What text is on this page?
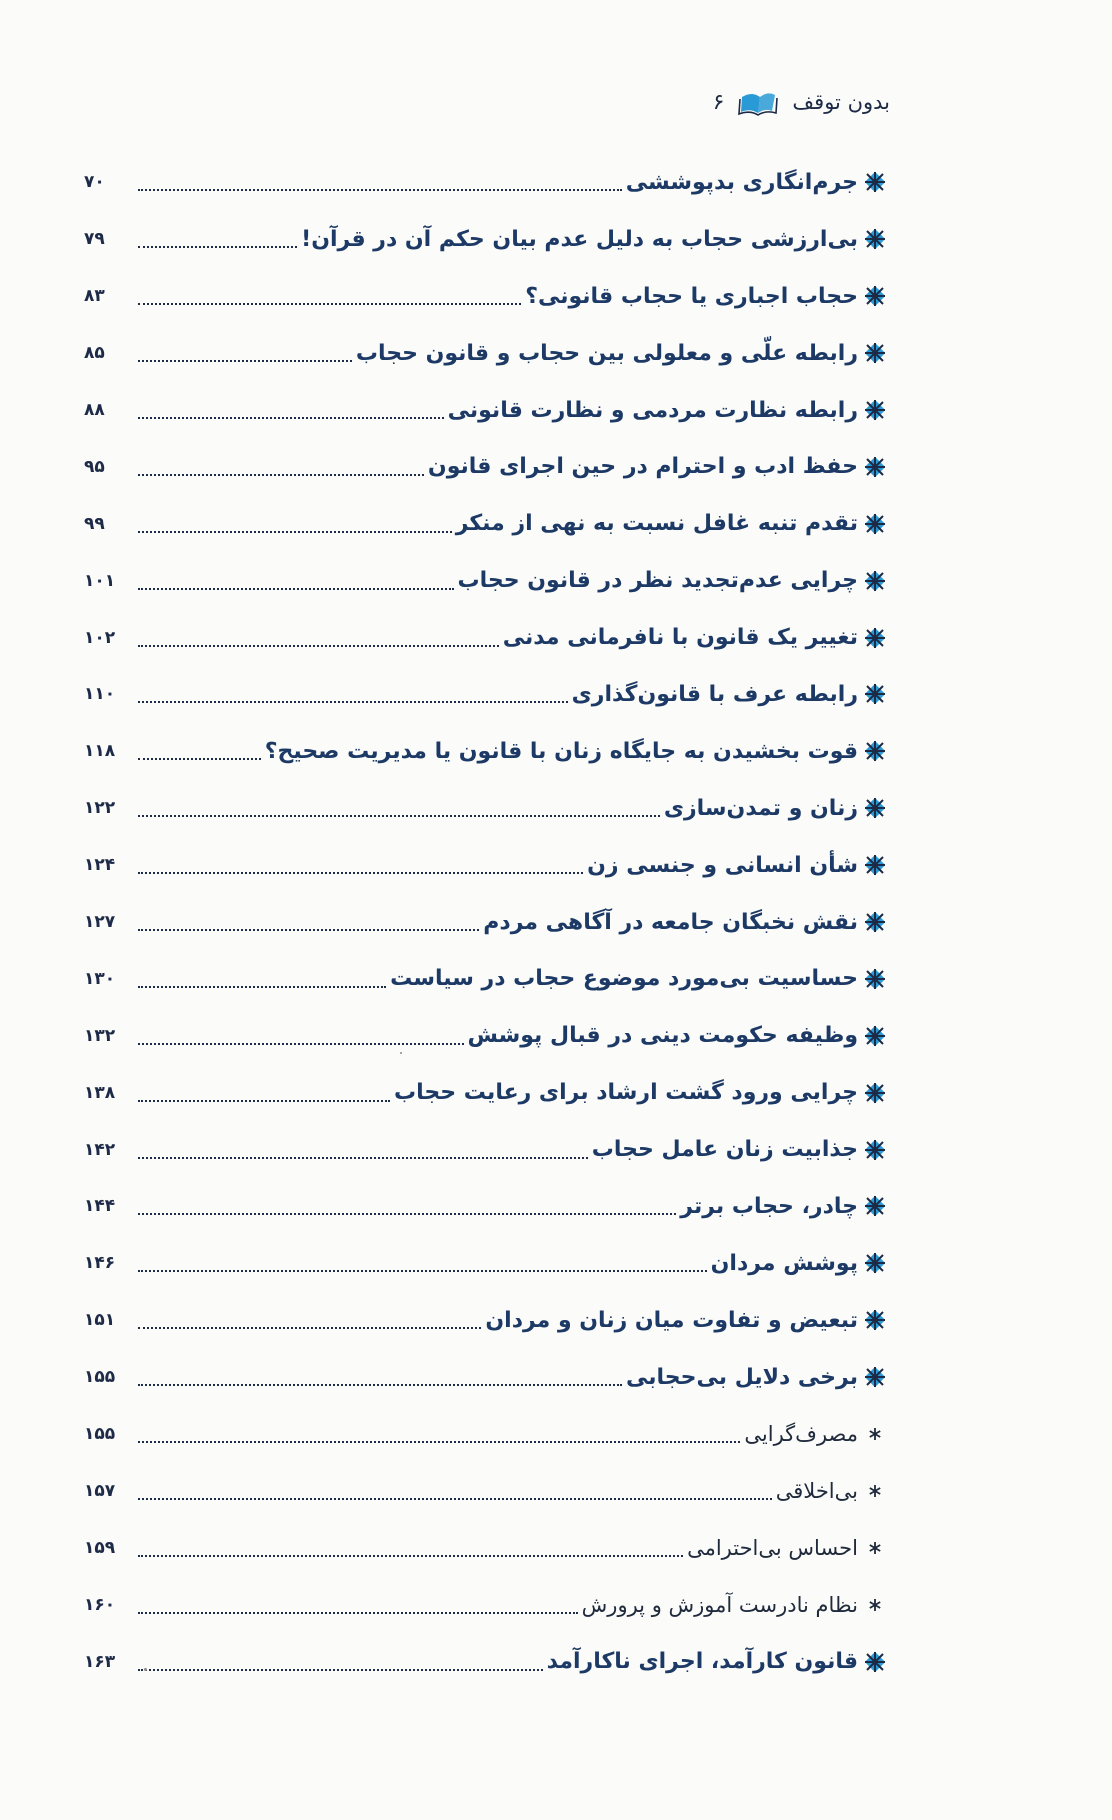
۶	بدون توقف
۷۰	جرم‌انگاری بدپوششی
۷۹	بی‌ارزشی حجاب به دلیل عدم بیان حکم آن در قرآن!
۸۳	حجاب اجباری یا حجاب قانونی؟
۸۵	رابطه علّی و معلولی بین حجاب و قانون حجاب
۸۸	رابطه نظارت مردمی و نظارت قانونی
۹۵	حفظ ادب و احترام در حین اجرای قانون
۹۹	تقدم تنبه غافل نسبت به نهی از منکر
۱۰۱	چرایی عدم‌تجدید نظر در قانون حجاب
۱۰۲	تغییر یک قانون با نافرمانی مدنی
۱۱۰	رابطه عرف با قانون‌گذاری
۱۱۸	قوت بخشیدن به جایگاه زنان با قانون یا مدیریت صحیح؟
۱۲۲	زنان و تمدن‌سازی
۱۲۴	شأن انسانی و جنسی زن
۱۲۷	نقش نخبگان جامعه در آگاهی مردم
۱۳۰	حساسیت بی‌مورد موضوع حجاب در سیاست
۱۳۲	وظیفه حکومت دینی در قبال پوشش
۱۳۸	چرایی ورود گشت ارشاد برای رعایت حجاب
۱۴۲	جذابیت زنان عامل حجاب
۱۴۴	چادر، حجاب برتر
۱۴۶	پوشش مردان
۱۵۱	تبعیض و تفاوت میان زنان و مردان
۱۵۵	برخی دلایل بی‌حجابی
۱۵۵	مصرف‌گرایی
۱۵۷	بی‌اخلاقی
۱۵۹	احساس بی‌احترامی
۱۶۰	نظام نادرست آموزش و پرورش
۱۶۳	قانون کارآمد، اجرای ناکارآمد
